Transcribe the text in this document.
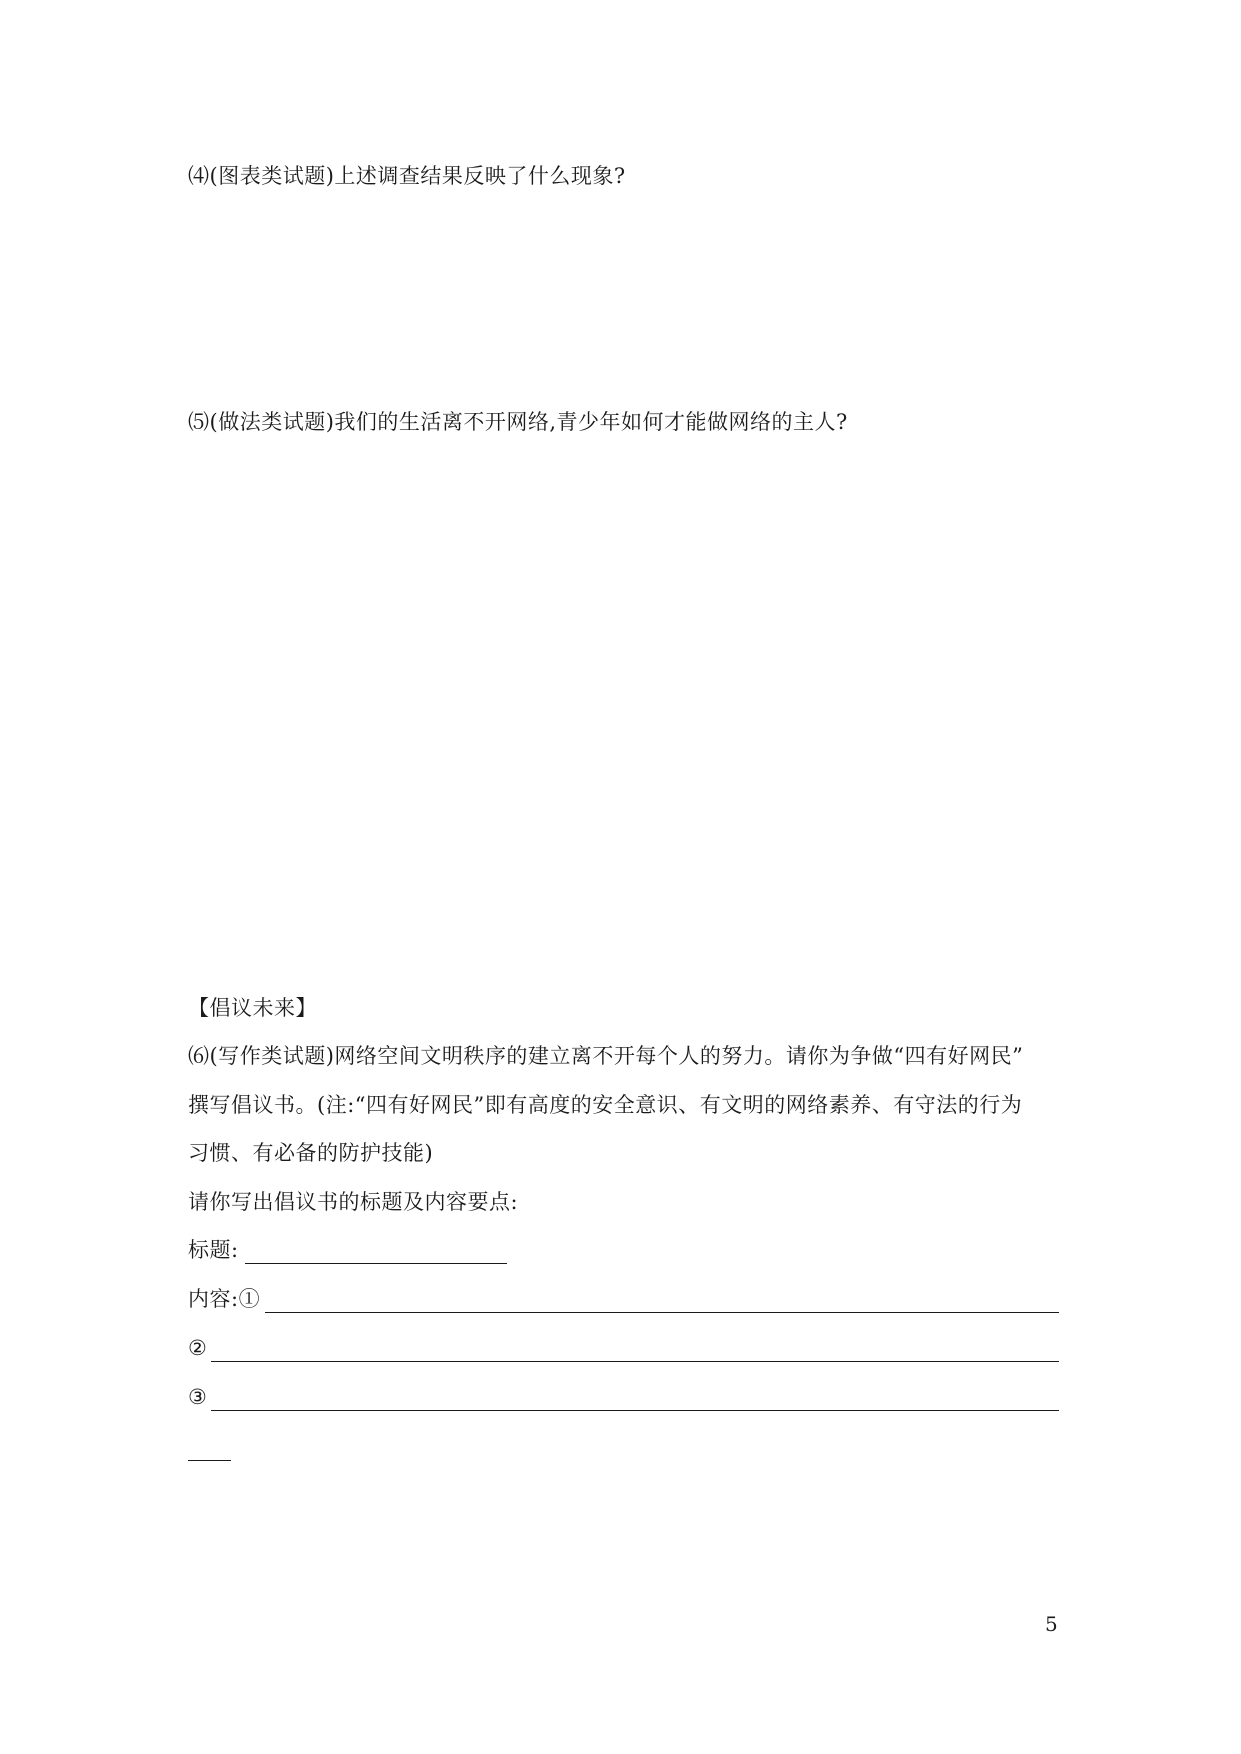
⑷(图表类试题)上述调查结果反映了什么现象?
⑸(做法类试题)我们的生活离不开网络,青少年如何才能做网络的主人?
【倡议未来】
⑹(写作类试题)网络空间文明秩序的建立离不开每个人的努力。请你为争做“四有好网民”
撰写倡议书。(注:“四有好网民”即有高度的安全意识、有文明的网络素养、有守法的行为
习惯、有必备的防护技能)
请你写出倡议书的标题及内容要点:
标题:
内容:①
②
③
5
